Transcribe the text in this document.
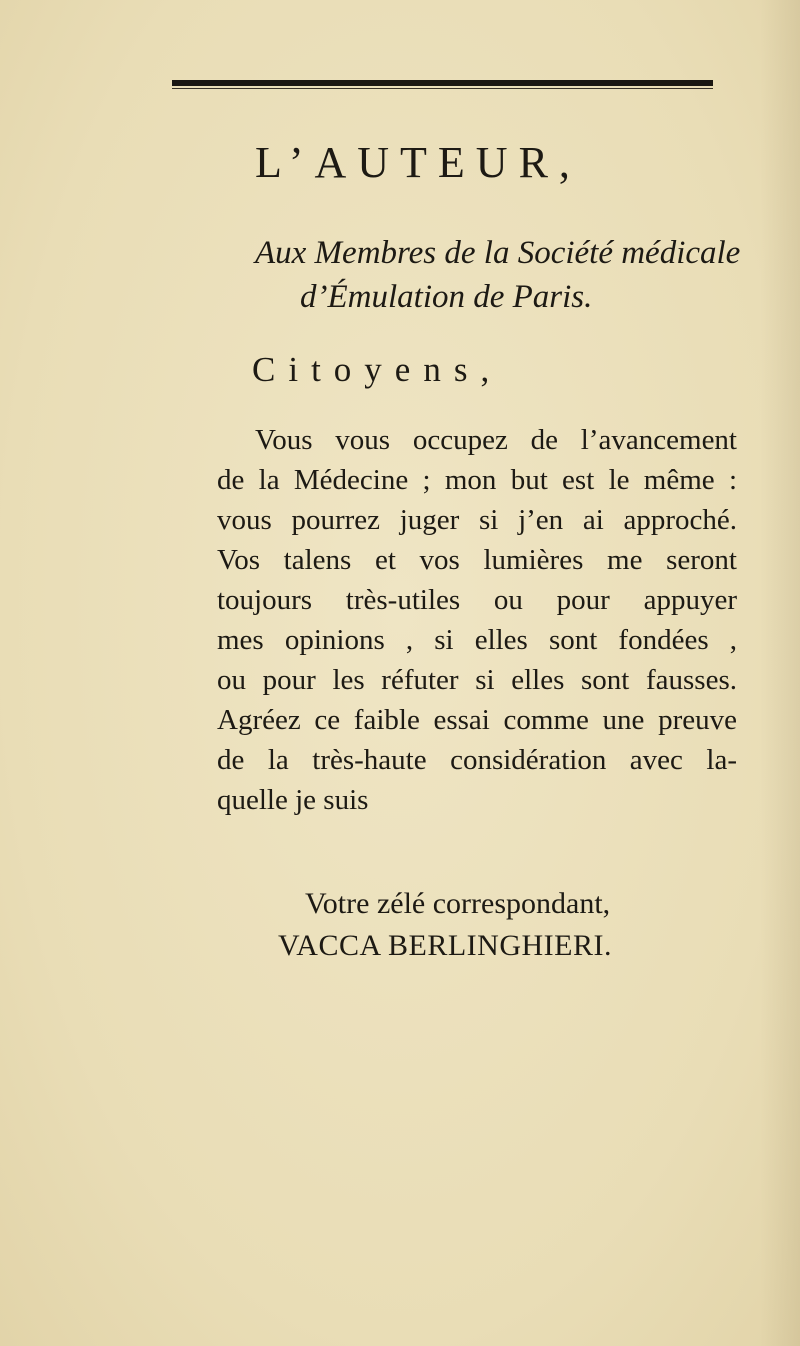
L’AUTEUR,
Aux Membres de la Société médicale
d’Émulation de Paris.
Citoyens,
Vous vous occupez de l’avancement
de la Médecine ; mon but est le même :
vous pourrez juger si j’en ai approché.
Vos talens et vos lumières me seront
toujours très-utiles ou pour appuyer
mes opinions , si elles sont fondées ,
ou pour les réfuter si elles sont fausses.
Agréez ce faible essai comme une preuve
de la très-haute considération avec la-
quelle je suis
Votre zélé correspondant,
VACCA BERLINGHIERI.
